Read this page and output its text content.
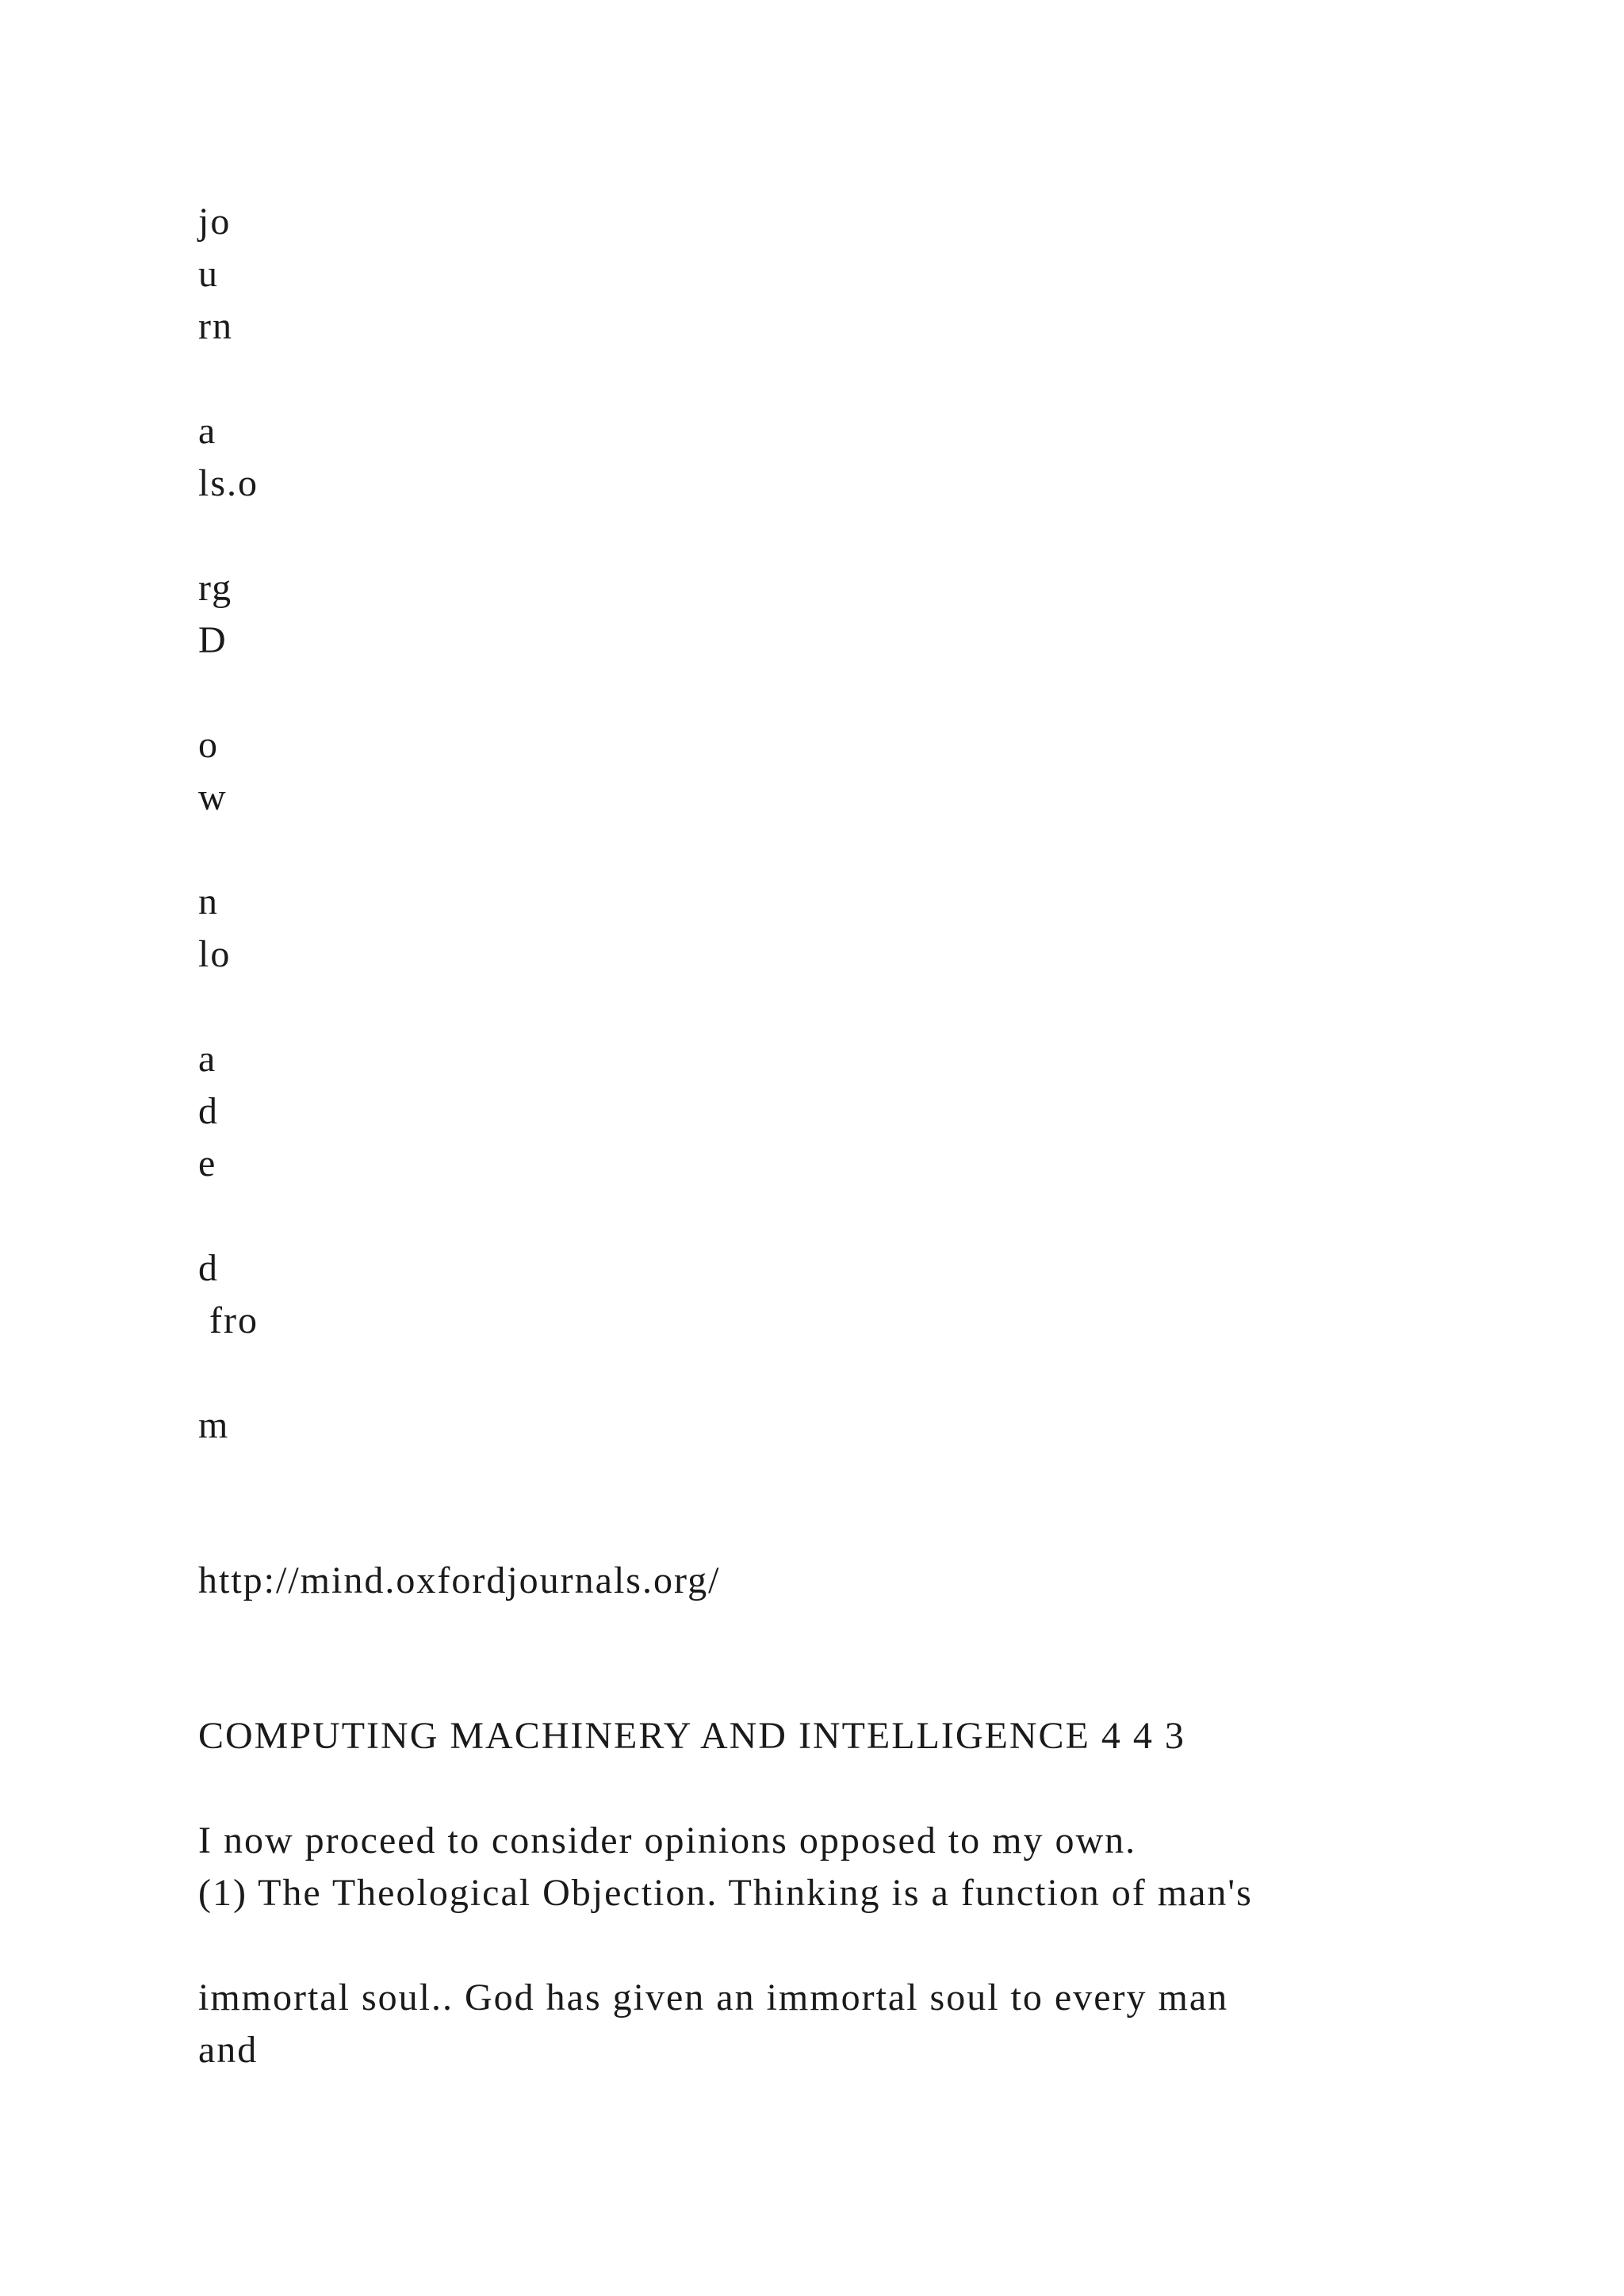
jo

u

rn

a

ls.o

rg

D

o

w

n

lo

a

d

e

d

fro

m

http://mind.oxfordjournals.org/

COMPUTING MACHINERY AND INTELLIGENCE 4 4 3

I now proceed to consider opinions opposed to my own.

(1) The Theological Objection. Thinking is a function of man's

immortal soul.. God has given an immortal soul to every man

and
